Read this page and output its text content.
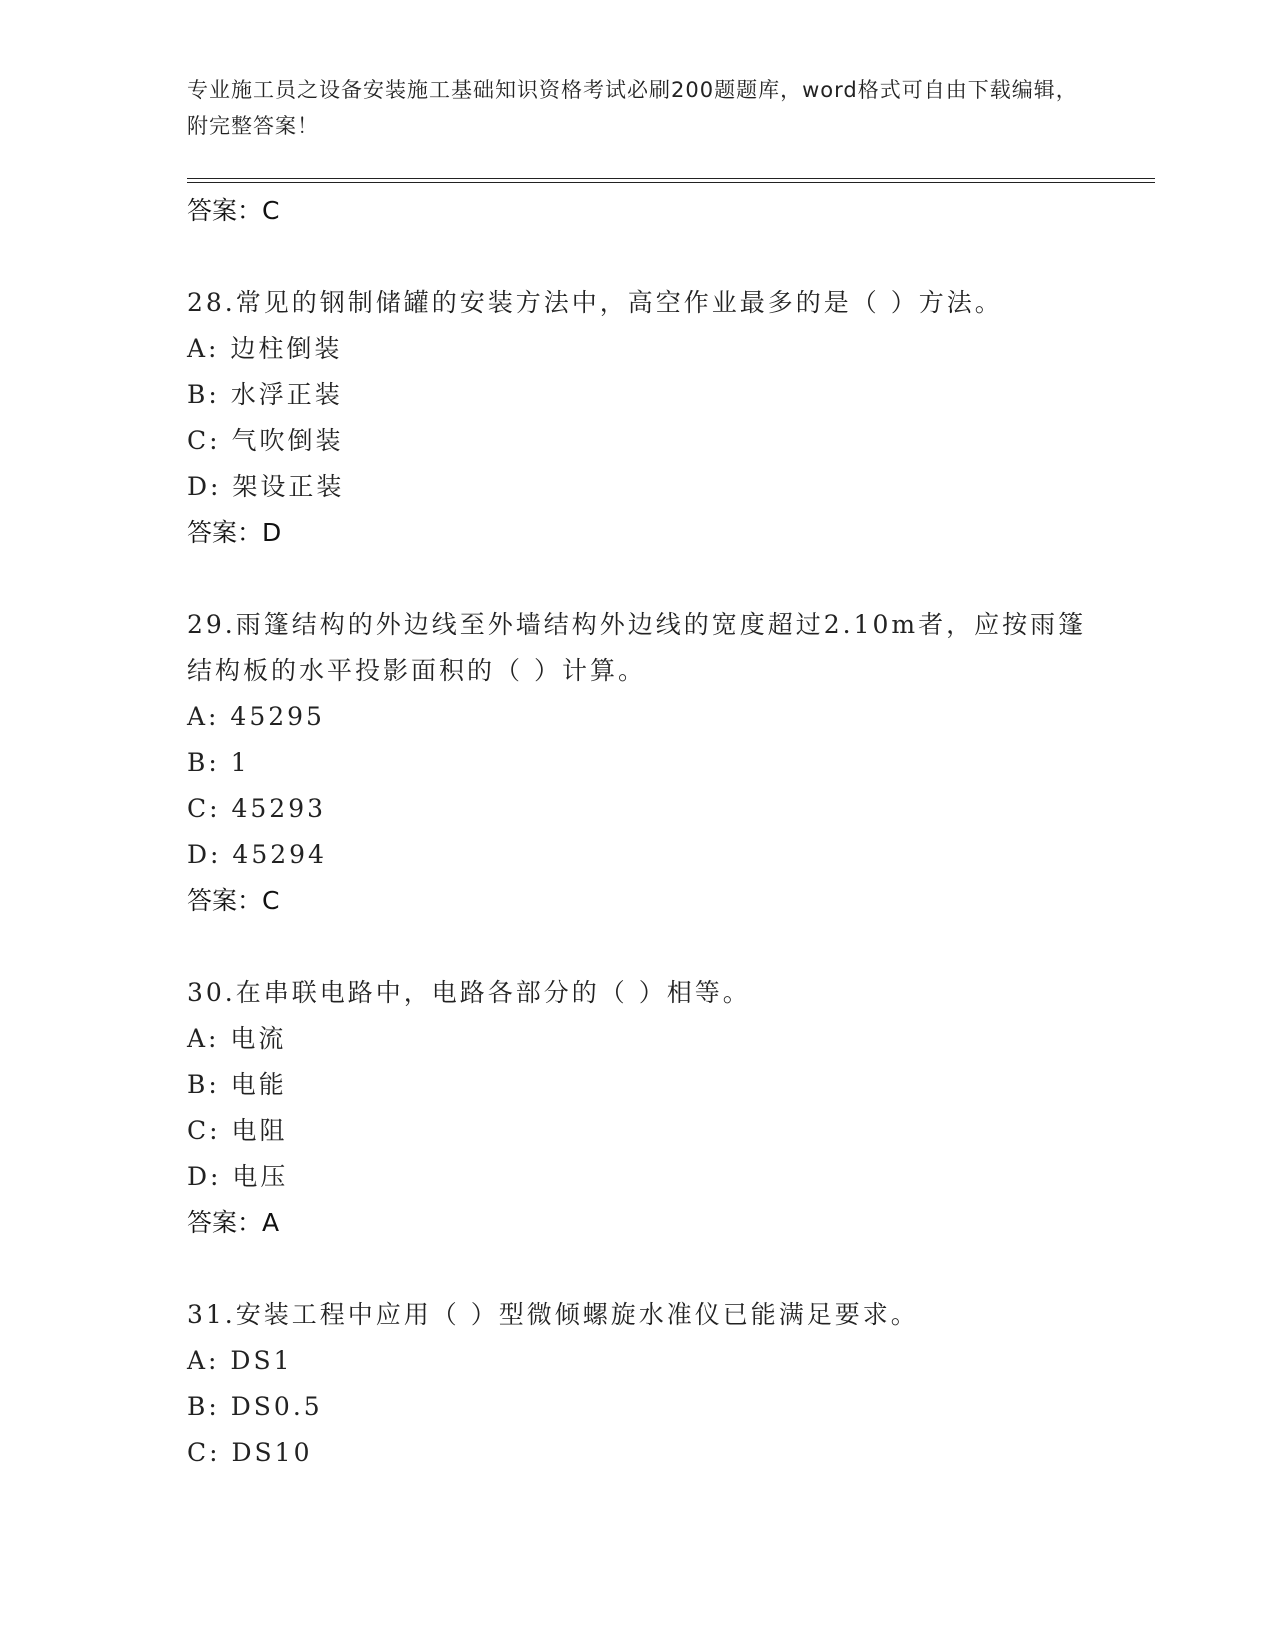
专业施工员之设备安装施工基础知识资格考试必刷200题题库，word格式可自由下载编辑，附完整答案！
答案：C
28.常见的钢制储罐的安装方法中，高空作业最多的是（ ）方法。
A: 边柱倒装
B: 水浮正装
C: 气吹倒装
D: 架设正装
答案：D
29.雨篷结构的外边线至外墙结构外边线的宽度超过2.10m者，应按雨篷结构板的水平投影面积的（ ）计算。
A: 45295
B: 1
C: 45293
D: 45294
答案：C
30.在串联电路中，电路各部分的（ ）相等。
A: 电流
B: 电能
C: 电阻
D: 电压
答案：A
31.安装工程中应用（ ）型微倾螺旋水准仪已能满足要求。
A: DS1
B: DS0.5
C: DS10
